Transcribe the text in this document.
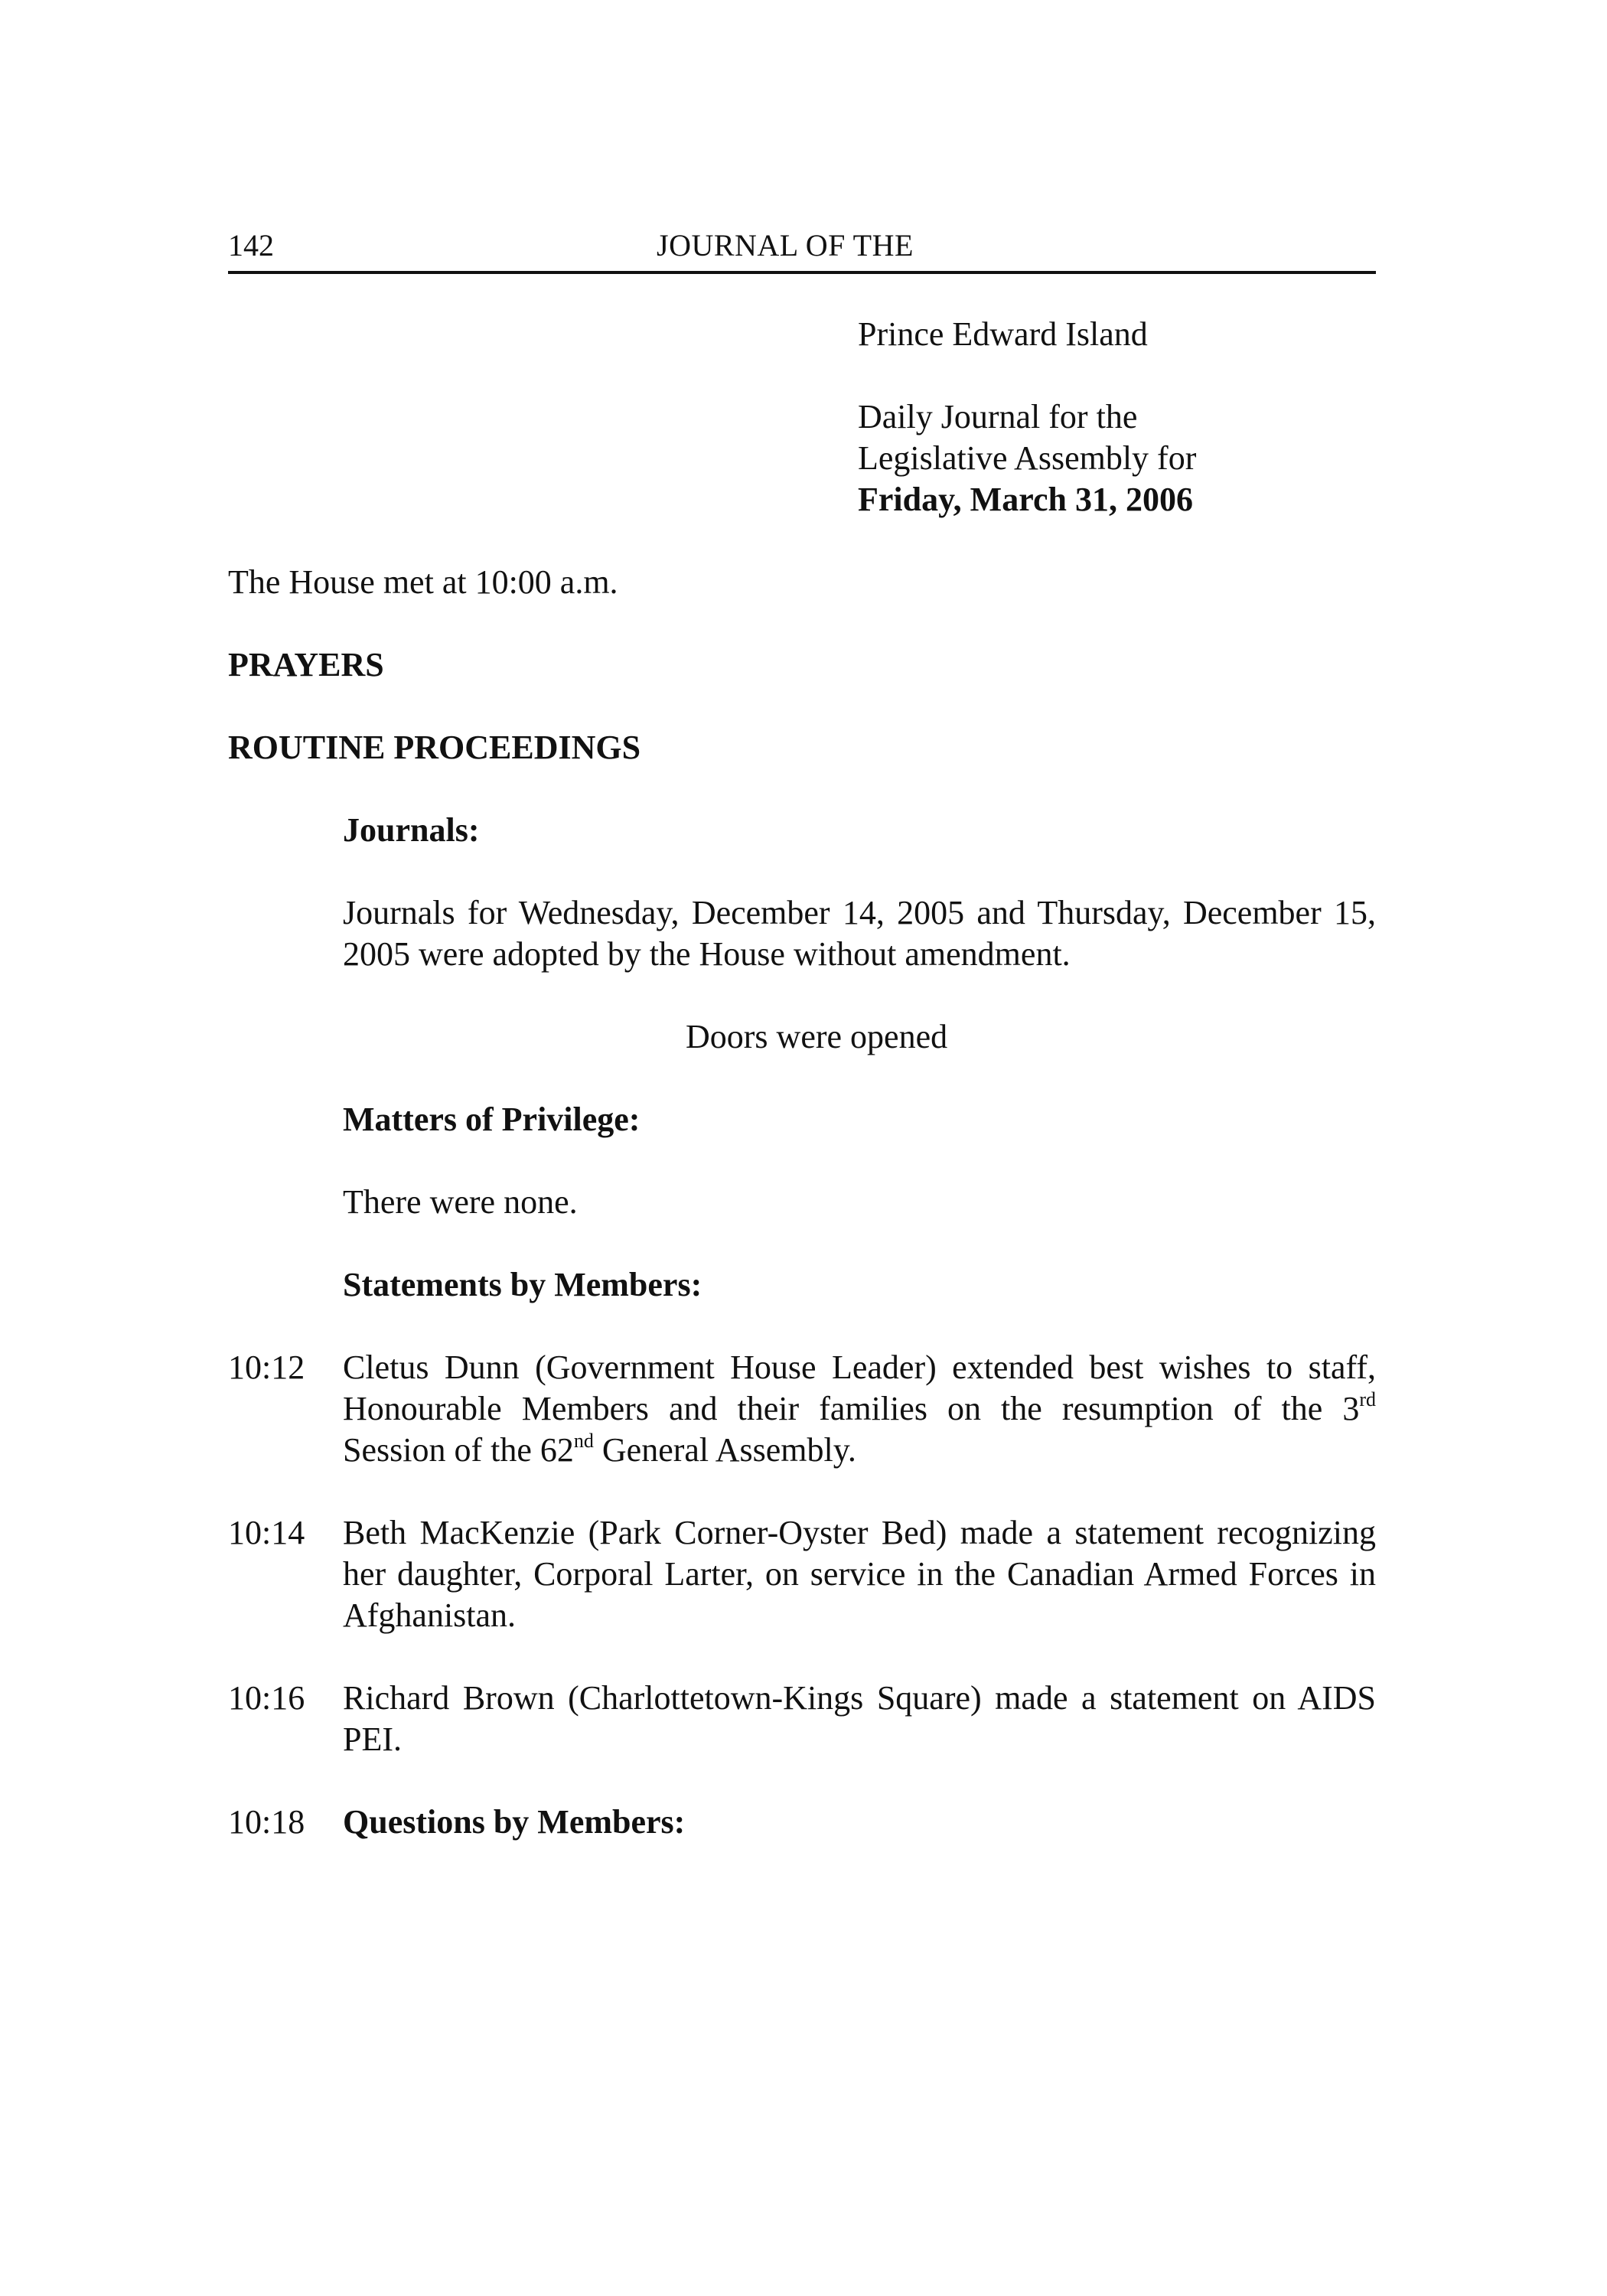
142	JOURNAL OF THE
Prince Edward Island
Daily Journal for the
Legislative Assembly for
Friday, March 31, 2006
The House met at 10:00 a.m.
PRAYERS
ROUTINE PROCEEDINGS
Journals:
Journals for Wednesday, December 14, 2005 and Thursday, December 15,
2005 were adopted by the House without amendment.
Doors were opened
Matters of Privilege:
There were none.
Statements by Members:
10:12 Cletus Dunn (Government House Leader) extended best wishes to staff,
Honourable Members and their families on the resumption of the 3rd
Session of the 62nd General Assembly.
10:14 Beth MacKenzie (Park Corner-Oyster Bed) made a statement recognizing
her daughter, Corporal Larter, on service in the Canadian Armed Forces in
Afghanistan.
10:16 Richard Brown (Charlottetown-Kings Square) made a statement on AIDS
PEI.
10:18 Questions by Members:
